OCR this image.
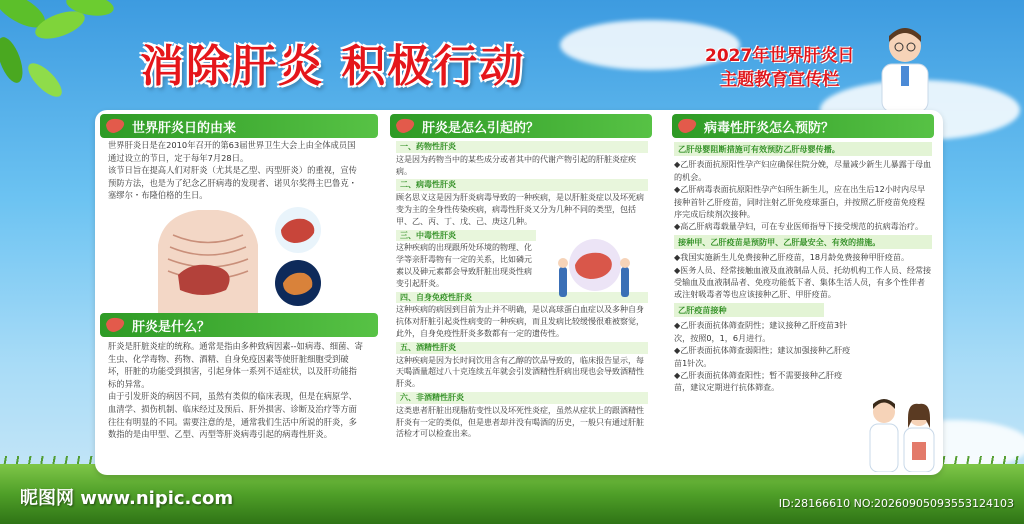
消除肝炎 积极行动	2027年世界肝炎日
主题教育宣传栏
世界肝炎日的由来

世界肝炎日是在2010年召开的第63届世界卫生大会上由全体成员国通过设立的节日，定于每年7月28日。

该节日旨在提高人们对肝炎（尤其是乙型、丙型肝炎）的重视，宣传预防方法，也是为了纪念乙肝病毒的发现者、诺贝尔奖得主巴鲁克・塞缪尔・布隆伯格的生日。

肝炎是什么？

肝炎是肝脏炎症的统称。通常是指由多种致病因素--如病毒、细菌、寄生虫、化学毒物、药物、酒精、自身免疫因素等使肝脏细胞受到破坏，肝脏的功能受到损害，引起身体一系列不适症状，以及肝功能指标的异常。

由于引发肝炎的病因不同，虽然有类似的临床表现，但是在病原学、血清学、损伤机制、临床经过及预后、肝外损害、诊断及治疗等方面往往有明显的不同。需要注意的是，通常我们生活中所说的肝炎，多数指的是由甲型、乙型、丙型等肝炎病毒引起的病毒性肝炎。

肝炎是怎么引起的？
一、药物性肝炎

这是因为药物当中的某些成分或者其中的代谢产物引起的肝脏炎症疾病。

二、病毒性肝炎

顾名思义这是因为肝炎病毒导致的一种疾病，是以肝脏炎症以及坏死病变为主的全身性传染疾病，病毒性肝炎又分为几种不同的类型，包括甲、乙、丙、丁、戊、己、庚这几种。

三、中毒性肝炎

这种疾病的出现跟所处环境的物理、化学等亲肝毒物有一定的关系，比如磷元素以及砷元素都会导致肝脏出现炎性病变引起肝炎。

四、自身免疫性肝炎

这种疾病的病因到目前为止并不明确，是以高球蛋白血症以及多种自身抗体对肝脏引起炎性病变的一种疾病，而且发病比较缓慢很难被察觉，此外，自身免疫性肝炎多数都有一定的遗传性。

五、酒精性肝炎

这种疾病是因为长时间饮用含有乙醇的饮品导致的，临床报告显示，每天喝酒量超过八十克连续五年就会引发酒精性肝病出现也会导致酒精性肝炎。

六、非酒精性肝炎

这类患者肝脏出现脂肪变性以及坏死性炎症，虽然从症状上的跟酒精性肝炎有一定的类似，但是患者却并没有喝酒的历史，一般只有通过肝脏活检才可以检查出来。

病毒性肝炎怎么预防？
乙肝母婴阻断措施可有效预防乙肝母婴传播。

◆乙肝表面抗原阳性孕产妇应确保住院分娩，尽量减少新生儿暴露于母血的机会。

◆乙肝病毒表面抗原阳性孕产妇所生新生儿，应在出生后12小时内尽早接种首针乙肝疫苗，同时注射乙肝免疫球蛋白，并按照乙肝疫苗免疫程序完成后续剂次接种。

◆高乙肝病毒载量孕妇，可在专业医师指导下接受规范的抗病毒治疗。

接种甲、乙肝疫苗是预防甲、乙肝最安全、有效的措施。

◆我国实施新生儿免费接种乙肝疫苗，18月龄免费接种甲肝疫苗。

◆医务人员、经常接触血液及血液制品人员、托幼机构工作人员、经常接受输血及血液制品者、免疫功能低下者、集体生活人员，有多个性伴者或注射吸毒者等也应该接种乙肝、甲肝疫苗。

乙肝疫苗接种

◆乙肝表面抗体筛查阴性；建议接种乙肝疫苗3针次，按照0，1，6月进行。

◆乙肝表面抗体筛查弱阳性；建议加强接种乙肝疫苗1针次。

◆乙肝表面抗体筛查阳性；暂不需要接种乙肝疫苗，建议定期进行抗体筛查。

昵图网 www.nipic.com	ID:28166610 NO:20260905093553124103
